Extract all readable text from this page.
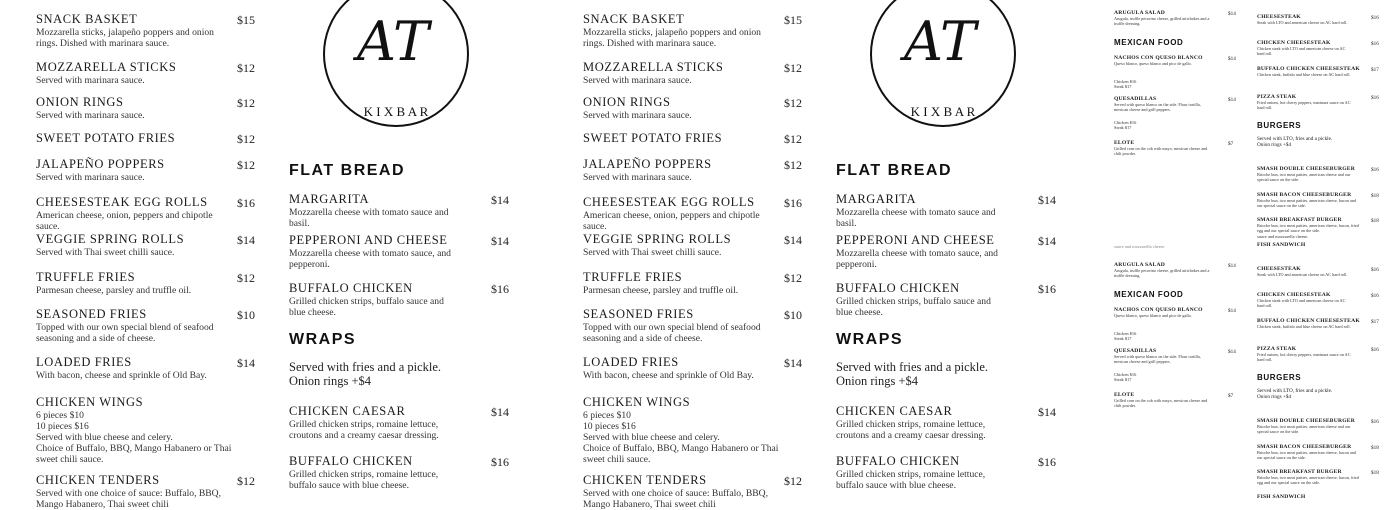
AT
K I X B A R
SNACK BASKET
Mozzarella sticks, jalapeño poppers and onion rings. Dished with marinara sauce.
$15
MOZZARELLA STICKS
Served with marinara sauce.
$12
ONION RINGS
Served with marinara sauce.
$12
SWEET POTATO FRIES	$12
JALAPEÑO POPPERS
Served with marinara sauce.
$12
CHEESESTEAK EGG ROLLS
American cheese, onion, peppers and chipotle sauce.
$16
VEGGIE SPRING ROLLS
Served with Thai sweet chilli sauce.
$14
TRUFFLE FRIES
Parmesan cheese, parsley and truffle oil.
$12
SEASONED FRIES
Topped with our own special blend of seafood seasoning and a side of cheese.
$10
LOADED FRIES
With bacon, cheese and sprinkle of Old Bay.
$14
CHICKEN WINGS
6 pieces $10
10 pieces $16
Served with blue cheese and celery.
Choice of Buffalo, BBQ, Mango Habanero or Thai sweet chili sauce.
CHICKEN TENDERS
Served with one choice of sauce: Buffalo, BBQ, Mango Habanero, Thai sweet chili
$12
FLAT BREAD
MARGARITA
Mozzarella cheese with tomato sauce and basil.
$14
PEPPERONI AND CHEESE
Mozzarella cheese with tomato sauce, and pepperoni.
$14
BUFFALO CHICKEN
Grilled chicken strips, buffalo sauce and blue cheese.
$16
WRAPS
Served with fries and a pickle.
Onion rings +$4
CHICKEN CAESAR
Grilled chicken strips, romaine lettuce, croutons and a creamy caesar dressing.
$14
BUFFALO CHICKEN
Grilled chicken strips, romaine lettuce, buffalo sauce with blue cheese.
$16
AT
K I X B A R
SNACK BASKET
Mozzarella sticks, jalapeño poppers and onion rings. Dished with marinara sauce.
$15
MOZZARELLA STICKS
Served with marinara sauce.
$12
ONION RINGS
Served with marinara sauce.
$12
SWEET POTATO FRIES	$12
JALAPEÑO POPPERS
Served with marinara sauce.
$12
CHEESESTEAK EGG ROLLS
American cheese, onion, peppers and chipotle sauce.
$16
VEGGIE SPRING ROLLS
Served with Thai sweet chilli sauce.
$14
TRUFFLE FRIES
Parmesan cheese, parsley and truffle oil.
$12
SEASONED FRIES
Topped with our own special blend of seafood seasoning and a side of cheese.
$10
LOADED FRIES
With bacon, cheese and sprinkle of Old Bay.
$14
CHICKEN WINGS
6 pieces $10
10 pieces $16
Served with blue cheese and celery.
Choice of Buffalo, BBQ, Mango Habanero or Thai sweet chili sauce.
CHICKEN TENDERS
Served with one choice of sauce: Buffalo, BBQ, Mango Habanero, Thai sweet chili
$12
FLAT BREAD
MARGARITA
Mozzarella cheese with tomato sauce and basil.
$14
PEPPERONI AND CHEESE
Mozzarella cheese with tomato sauce, and pepperoni.
$14
BUFFALO CHICKEN
Grilled chicken strips, buffalo sauce and blue cheese.
$16
WRAPS
Served with fries and a pickle.
Onion rings +$4
CHICKEN CAESAR
Grilled chicken strips, romaine lettuce, croutons and a creamy caesar dressing.
$14
BUFFALO CHICKEN
Grilled chicken strips, romaine lettuce, buffalo sauce with blue cheese.
$16
ARUGULA SALAD
Arugula, truffle pecorino cheese, grilled artichokes and a truffle dressing.
$14
MEXICAN FOOD
NACHOS CON QUESO BLANCO
Queso blanco, queso blanco and pico de gallo.
$14
Chicken $16
Steak $17
QUESADILLAS
Served with queso blanco on the side. Flour tortilla, mexican cheese and grill peppers.
$14
Chicken $16
Steak $17
ELOTE
Grilled corn on the cob with mayo, mexican cheese and chili powder.
$7
CHEESESTEAK
Steak with LTO and american cheese on AC hard roll.
$16
CHICKEN CHEESESTEAK
Chicken steak with LTO and american cheese on AC hard roll.
$16
BUFFALO CHICKEN CHEESESTEAK
Chicken steak, buffalo and blue cheese on AC hard roll.
$17
PIZZA STEAK
Fried onions, hot cherry peppers, marinara sauce on AC hard roll.
$16
BURGERS
Served with LTO, fries and a pickle.
Onion rings +$4
SMASH DOUBLE CHEESEBURGER
Brioche bun, two meat patties, american cheese and our special sauce on the side.
$16
SMASH BACON CHEESEBURGER
Brioche bun, two meat patties, american cheese, bacon and our special sauce on the side.
$18
SMASH BREAKFAST BURGER
Brioche bun, two meat patties, american cheese, bacon, fried egg and our special sauce on the side.
$18
FISH SANDWICH
sauce and mozzarella cheese.
ARUGULA SALAD
Arugula, truffle pecorino cheese, grilled artichokes and a truffle dressing.
$14
MEXICAN FOOD
NACHOS CON QUESO BLANCO
Queso blanco, queso blanco and pico de gallo.
$14
Chicken $16
Steak $17
QUESADILLAS
Served with queso blanco on the side. Flour tortilla, mexican cheese and grill peppers.
$14
Chicken $16
Steak $17
ELOTE
Grilled corn on the cob with mayo, mexican cheese and chili powder.
$7
sauce and mozzarella cheese.
CHEESESTEAK
Steak with LTO and american cheese on AC hard roll.
$16
CHICKEN CHEESESTEAK
Chicken steak with LTO and american cheese on AC hard roll.
$16
BUFFALO CHICKEN CHEESESTEAK
Chicken steak, buffalo and blue cheese on AC hard roll.
$17
PIZZA STEAK
Fried onions, hot cherry peppers, marinara sauce on AC hard roll.
$16
BURGERS
Served with LTO, fries and a pickle.
Onion rings +$4
SMASH DOUBLE CHEESEBURGER
Brioche bun, two meat patties, american cheese and our special sauce on the side.
$16
SMASH BACON CHEESEBURGER
Brioche bun, two meat patties, american cheese, bacon and our special sauce on the side.
$18
SMASH BREAKFAST BURGER
Brioche bun, two meat patties, american cheese, bacon, fried egg and our special sauce on the side.
$18
FISH SANDWICH
